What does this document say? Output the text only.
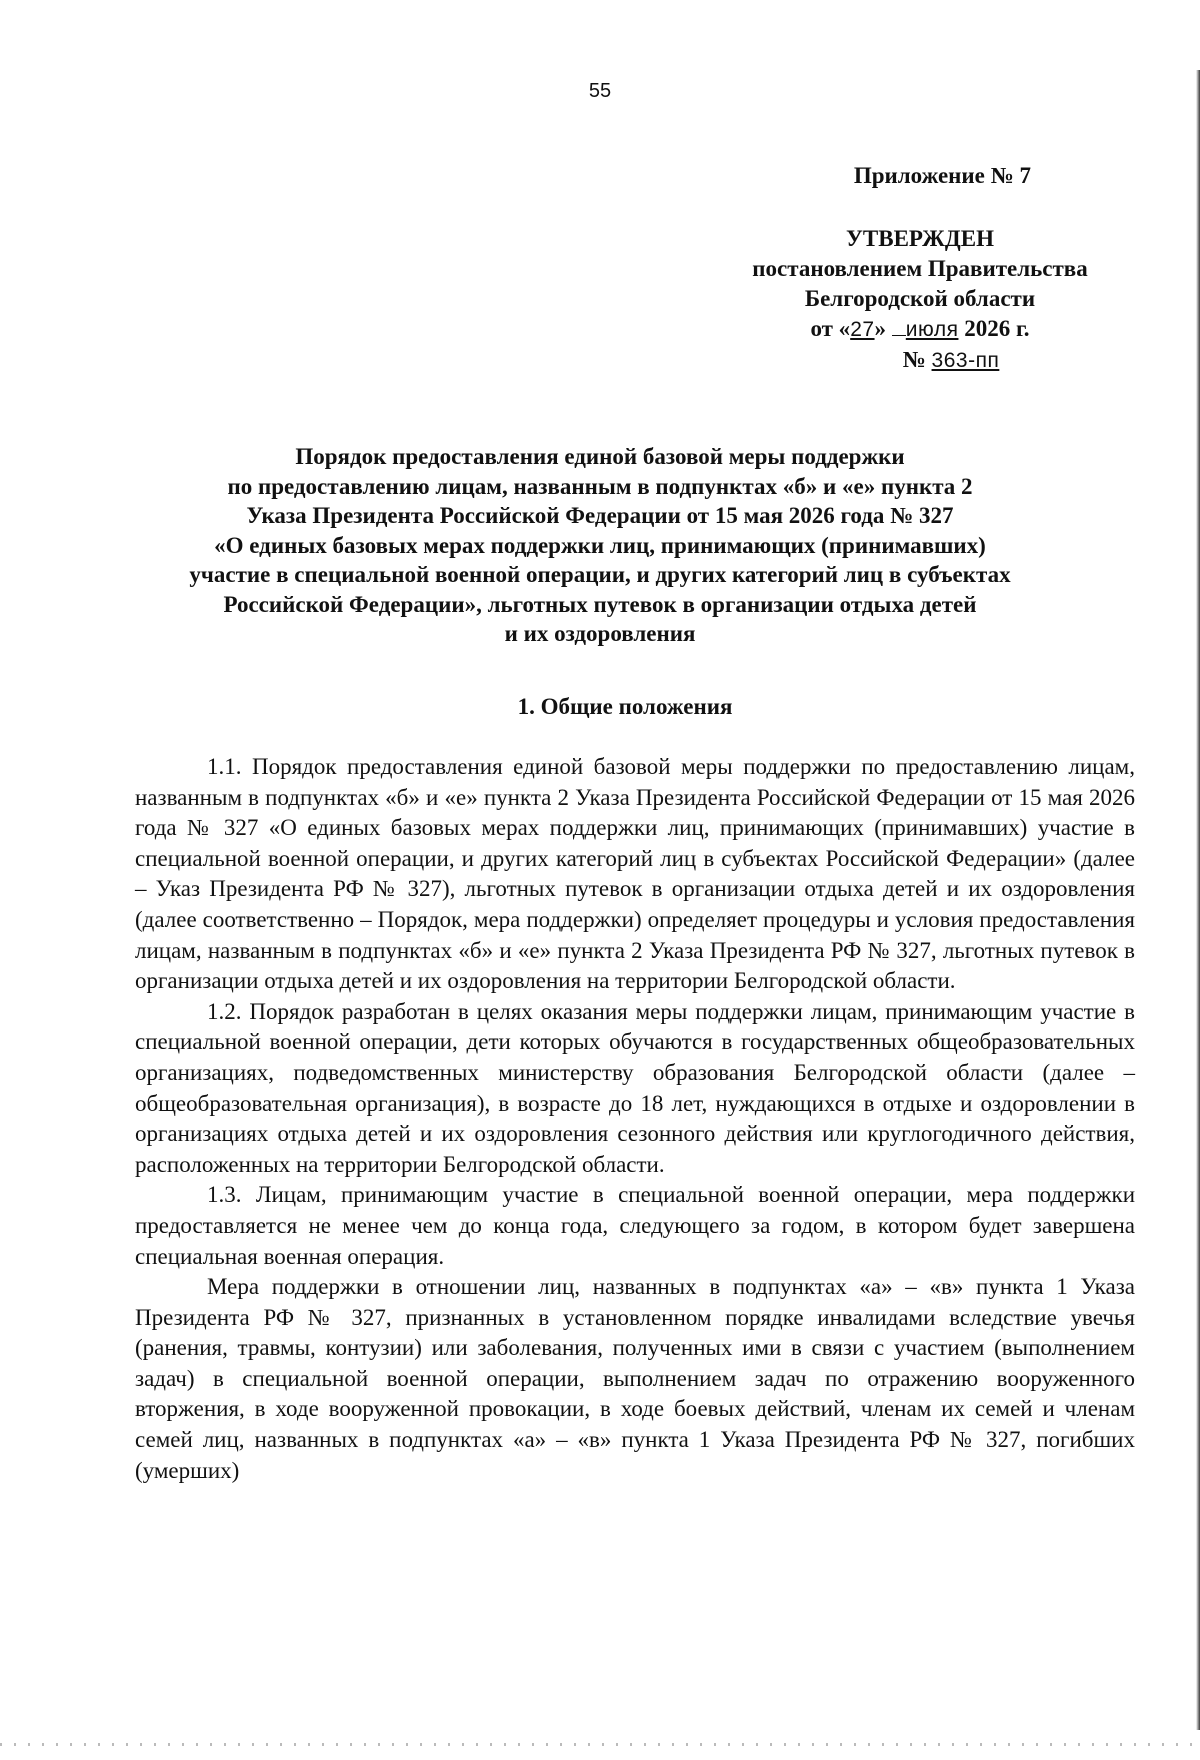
55
Приложение № 7
УТВЕРЖДЕН
постановлением Правительства
Белгородской области
от «27» июля 2026 г.
№ 363-пп
Порядок предоставления единой базовой меры поддержки
по предоставлению лицам, названным в подпунктах «б» и «е» пункта 2
Указа Президента Российской Федерации от 15 мая 2026 года № 327
«О единых базовых мерах поддержки лиц, принимающих (принимавших)
участие в специальной военной операции, и других категорий лиц в субъектах
Российской Федерации», льготных путевок в организации отдыха детей
и их оздоровления
1. Общие положения

1.1. Порядок предоставления единой базовой меры поддержки по предоставлению лицам, названным в подпунктах «б» и «е» пункта 2 Указа Президента Российской Федерации от 15 мая 2026 года № 327 «О единых базовых мерах поддержки лиц, принимающих (принимавших) участие в специальной военной операции, и других категорий лиц в субъектах Российской Федерации» (далее – Указ Президента РФ № 327), льготных путевок в организации отдыха детей и их оздоровления (далее соответственно – Порядок, мера поддержки) определяет процедуры и условия предоставления лицам, названным в подпунктах «б» и «е» пункта 2 Указа Президента РФ № 327, льготных путевок в организации отдыха детей и их оздоровления на территории Белгородской области.

1.2. Порядок разработан в целях оказания меры поддержки лицам, принимающим участие в специальной военной операции, дети которых обучаются в государственных общеобразовательных организациях, подведомственных министерству образования Белгородской области (далее – общеобразовательная организация), в возрасте до 18 лет, нуждающихся в отдыхе и оздоровлении в организациях отдыха детей и их оздоровления сезонного действия или круглогодичного действия, расположенных на территории Белгородской области.

1.3. Лицам, принимающим участие в специальной военной операции, мера поддержки предоставляется не менее чем до конца года, следующего за годом, в котором будет завершена специальная военная операция.

Мера поддержки в отношении лиц, названных в подпунктах «а» – «в» пункта 1 Указа Президента РФ № 327, признанных в установленном порядке инвалидами вследствие увечья (ранения, травмы, контузии) или заболевания, полученных ими в связи с участием (выполнением задач) в специальной военной операции, выполнением задач по отражению вооруженного вторжения, в ходе вооруженной провокации, в ходе боевых действий, членам их семей и членам семей лиц, названных в подпунктах «а» – «в» пункта 1 Указа Президента РФ № 327, погибших (умерших)
